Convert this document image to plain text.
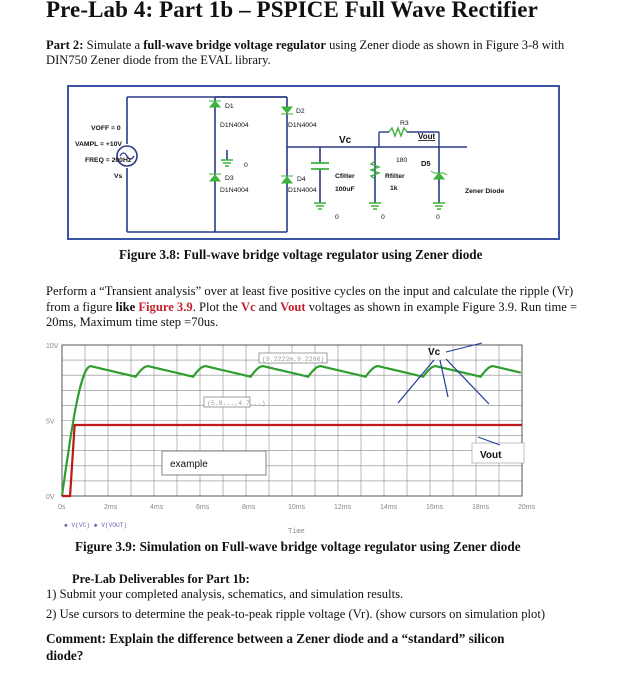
Pre-Lab 4: Part 1b – PSPICE Full Wave Rectifier
Part 2: Simulate a full-wave bridge voltage regulator using Zener diode as shown in Figure 3-8 with
DIN750 Zener diode from the EVAL library.
VOFF = 0
VAMPL = +10V
FREQ = 200Hz
Vs
D1
D1N4004
D2
D1N4004
D3
D1N4004
D4
D1N4004
0
Vc
R3
180
Vout
D5
Cfilter
100uF
Rfilter
1k	Zener Diode
0	0	0
Figure 3.8: Full-wave bridge voltage regulator using Zener diode
Perform a “Transient analysis” over at least five positive cycles on the input and calculate the ripple (Vr)
from a figure like Figure 3.9. Plot the Vc and Vout voltages as shown in example Figure 3.9. Run time =
20ms, Maximum time step =70us.
10V
5V
0V
0s	2ms	4ms	6ms	8ms	10ms	12ms	14ms	16ms	18ms	20ms
(9.2222m,9.2286)
(5.8...,4.7...)
Vc
Vout
example
◆ V(VC) ◆ V(VOUT)
Time
Figure 3.9: Simulation on Full-wave bridge voltage regulator using Zener diode
Pre-Lab Deliverables for Part 1b:
1) Submit your completed analysis, schematics, and simulation results.
2) Use cursors to determine the peak-to-peak ripple voltage (Vr). (show cursors on simulation plot)
Comment: Explain the difference between a Zener diode and a “standard” silicon
diode?
